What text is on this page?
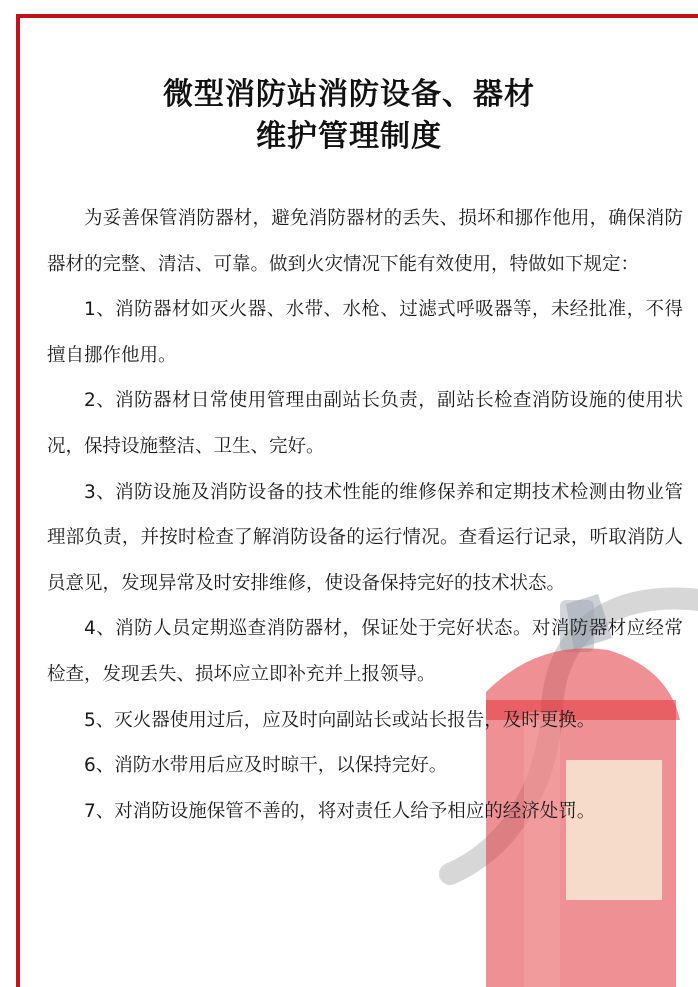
微型消防站消防设备、器材
维护管理制度

为妥善保管消防器材，避免消防器材的丢失、损坏和挪作他用，确保消防器材的完整、清洁、可靠。做到火灾情况下能有效使用，特做如下规定：

1、消防器材如灭火器、水带、水枪、过滤式呼吸器等，未经批准，不得擅自挪作他用。

2、消防器材日常使用管理由副站长负责，副站长检查消防设施的使用状况，保持设施整洁、卫生、完好。

3、消防设施及消防设备的技术性能的维修保养和定期技术检测由物业管理部负责，并按时检查了解消防设备的运行情况。查看运行记录，听取消防人员意见，发现异常及时安排维修，使设备保持完好的技术状态。

4、消防人员定期巡查消防器材，保证处于完好状态。对消防器材应经常检查，发现丢失、损坏应立即补充并上报领导。

5、灭火器使用过后，应及时向副站长或站长报告，及时更换。

6、消防水带用后应及时晾干，以保持完好。

7、对消防设施保管不善的，将对责任人给予相应的经济处罚。
